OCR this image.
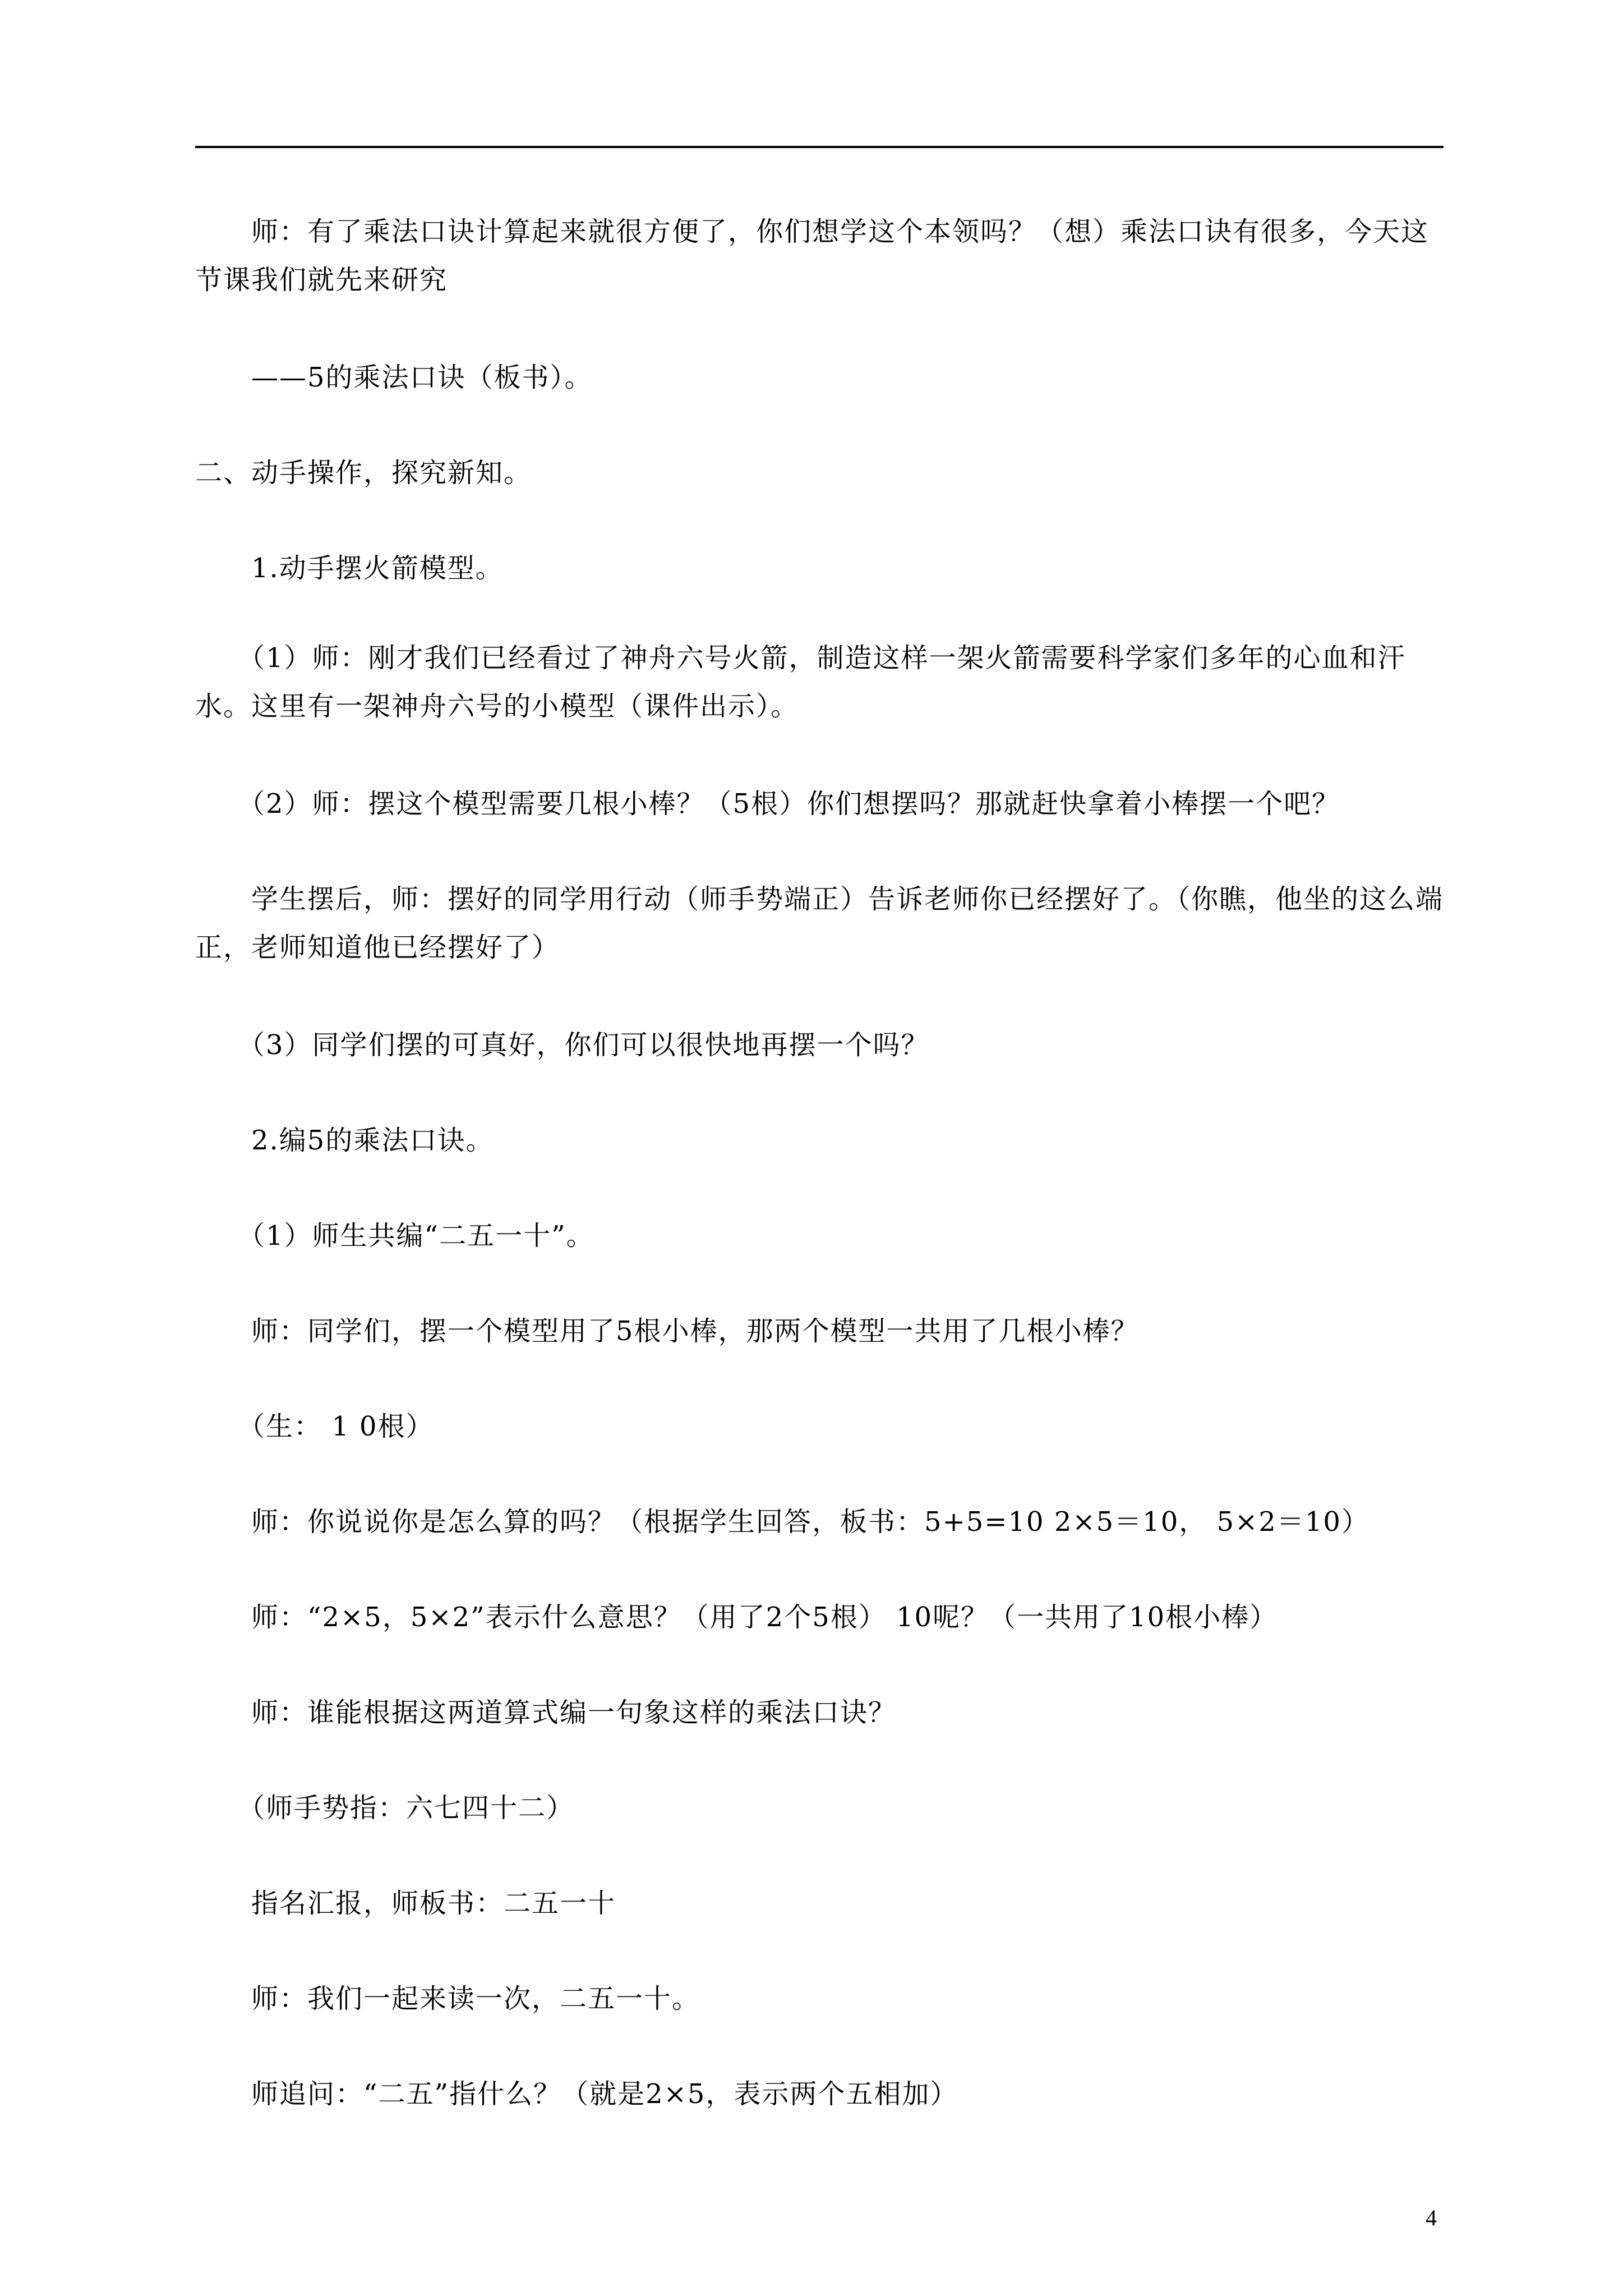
　　师：有了乘法口诀计算起来就很方便了，你们想学这个本领吗？（想）乘法口诀有很多，今天这节课我们就先来研究

　　——5的乘法口诀（板书）。

二、动手操作，探究新知。

　　1.动手摆火箭模型。

　　（1）师：刚才我们已经看过了神舟六号火箭，制造这样一架火箭需要科学家们多年的心血和汗水。这里有一架神舟六号的小模型（课件出示）。

　　（2）师：摆这个模型需要几根小棒？（5根）你们想摆吗？那就赶快拿着小棒摆一个吧？

　　学生摆后，师：摆好的同学用行动（师手势端正）告诉老师你已经摆好了。（你瞧，他坐的这么端正，老师知道他已经摆好了）

　　（3）同学们摆的可真好，你们可以很快地再摆一个吗？

　　2.编5的乘法口诀。

　　（1）师生共编“二五一十”。

　　师：同学们，摆一个模型用了5根小棒，那两个模型一共用了几根小棒？

　　（生： 1 0根）

　　师：你说说你是怎么算的吗？（根据学生回答，板书：5+5=10 2×5＝10， 5×2＝10）

　　师：“2×5，5×2”表示什么意思？（用了2个5根） 10呢？（一共用了10根小棒）

　　师：谁能根据这两道算式编一句象这样的乘法口诀？

　　（师手势指：六七四十二）

　　指名汇报，师板书：二五一十

　　师：我们一起来读一次，二五一十。

　　师追问：“二五”指什么？（就是2×5，表示两个五相加）

4
